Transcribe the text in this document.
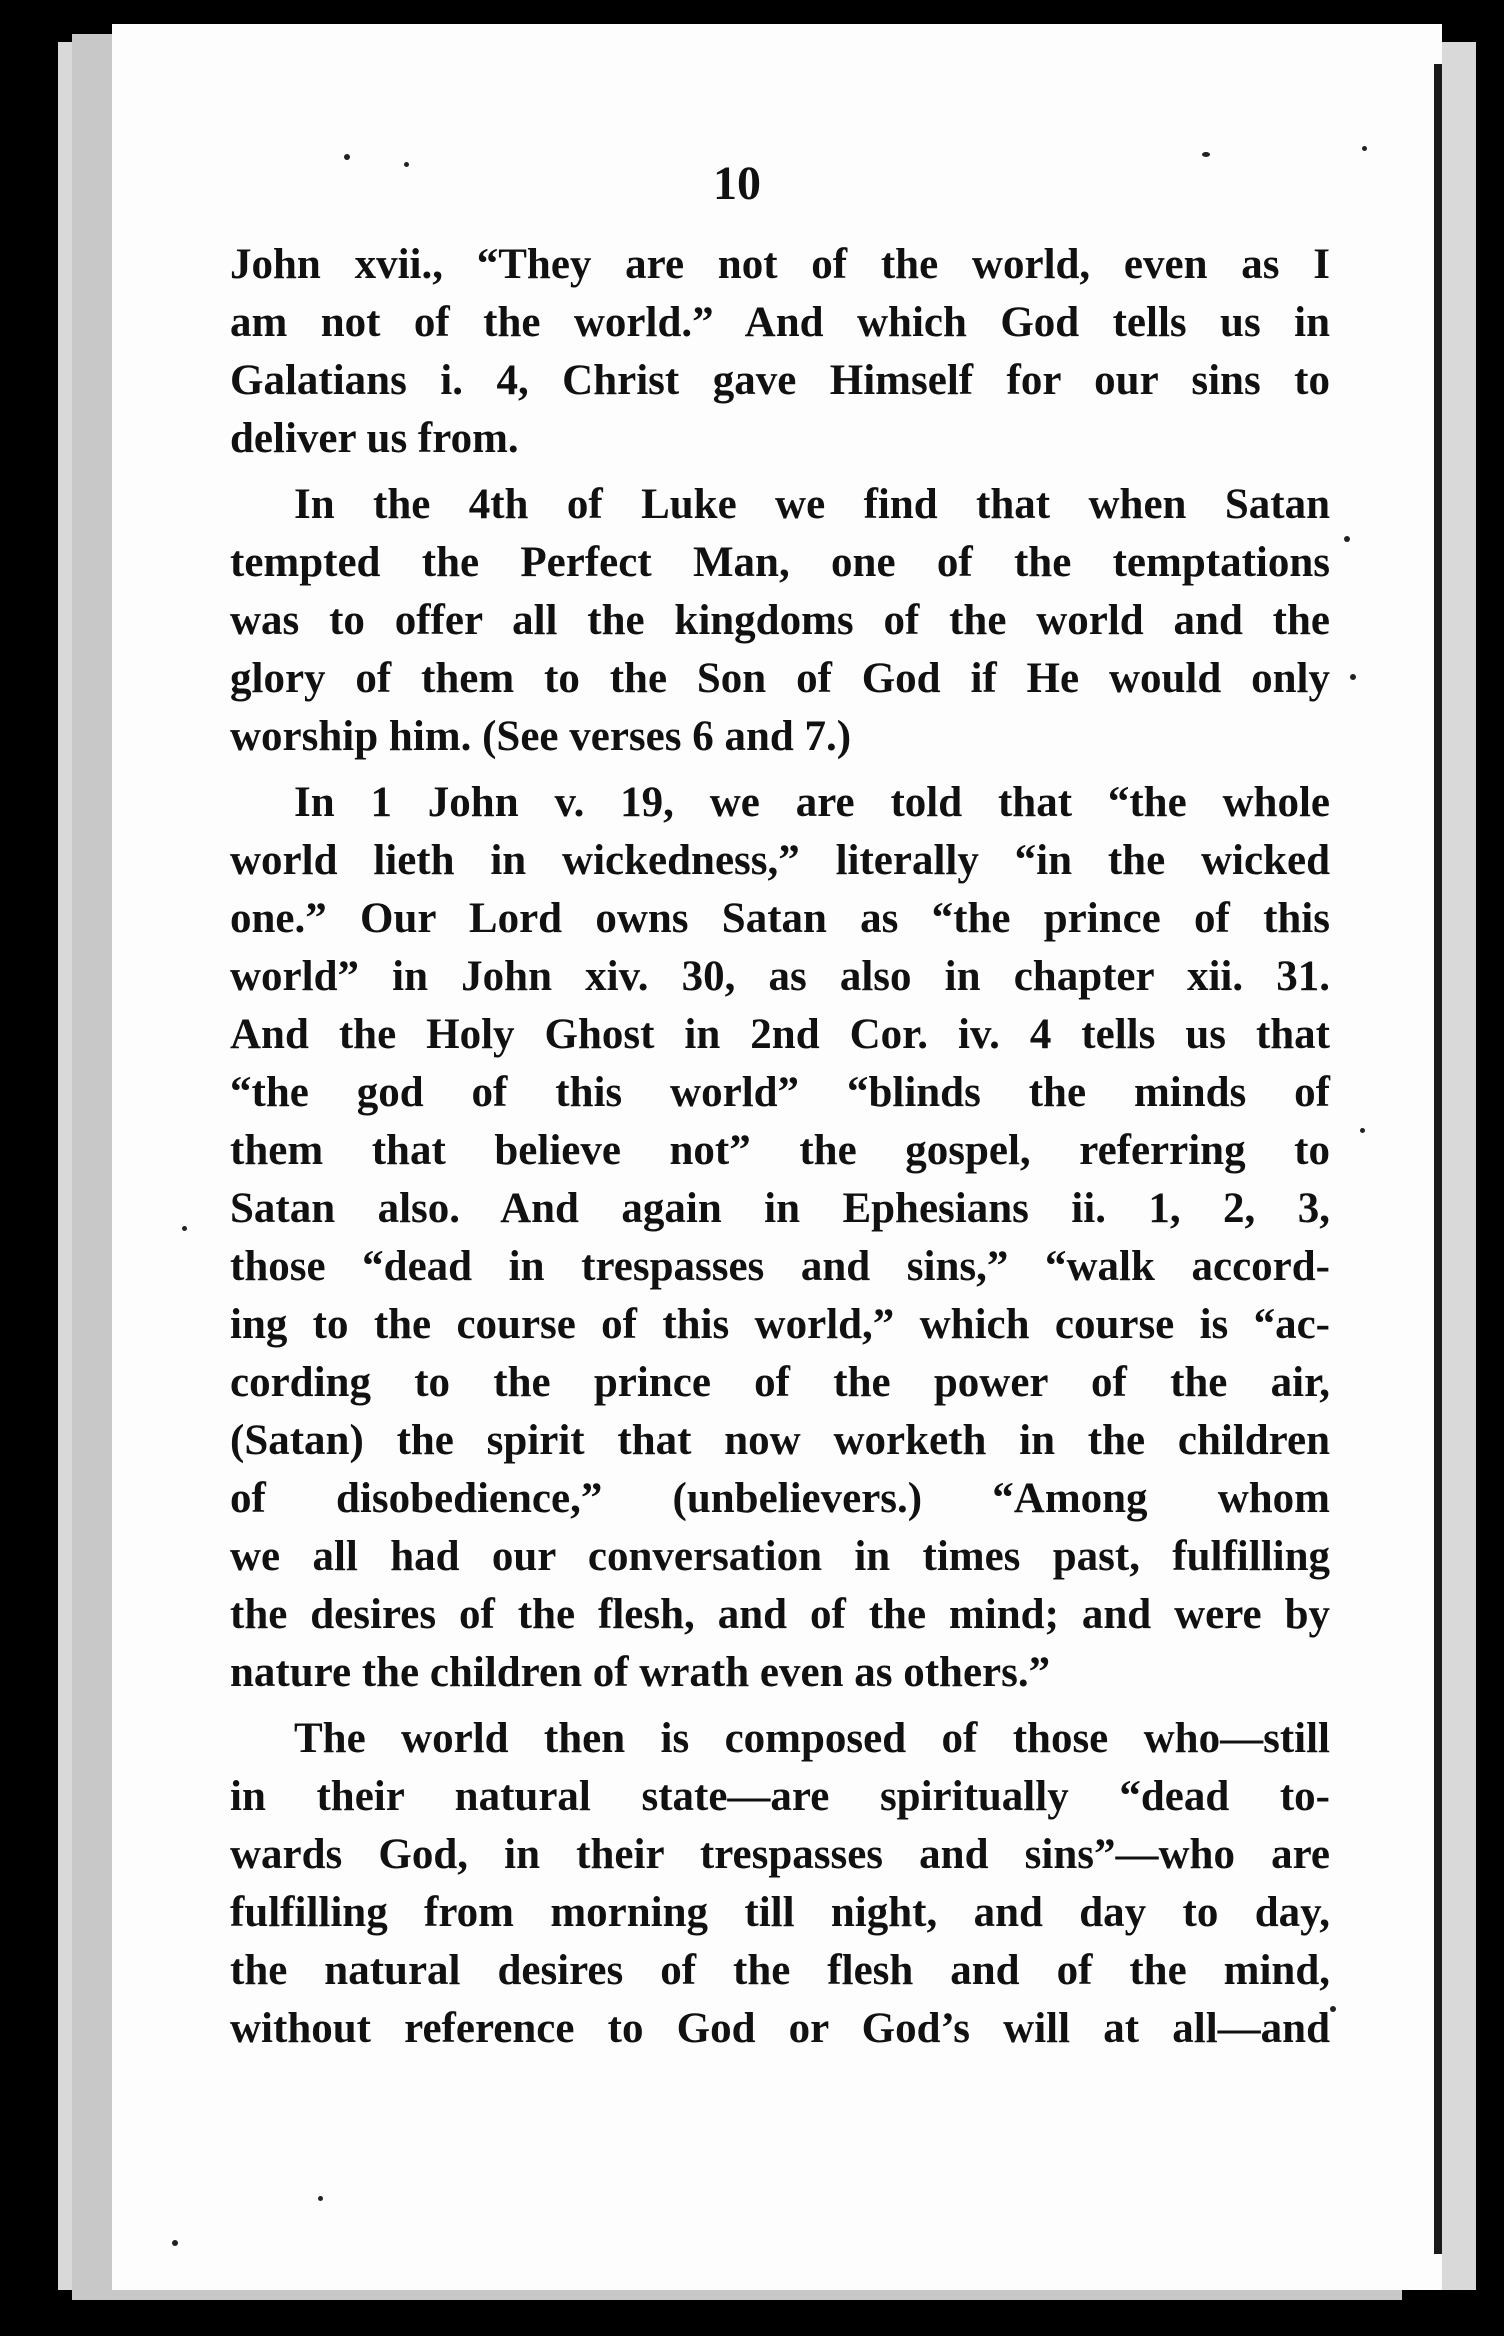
10
John xvii., “They are not of the world, even as I
am not of the world.” And which God tells us in
Galatians i. 4, Christ gave Himself for our sins to
deliver us from.
In the 4th of Luke we find that when Satan
tempted the Perfect Man, one of the temptations
was to offer all the kingdoms of the world and the
glory of them to the Son of God if He would only
worship him. (See verses 6 and 7.)
In 1 John v. 19, we are told that “the whole
world lieth in wickedness,” literally “in the wicked
one.” Our Lord owns Satan as “the prince of this
world” in John xiv. 30, as also in chapter xii. 31.
And the Holy Ghost in 2nd Cor. iv. 4 tells us that
“the god of this world” “blinds the minds of
them that believe not” the gospel, referring to
Satan also. And again in Ephesians ii. 1, 2, 3,
those “dead in trespasses and sins,” “walk accord-
ing to the course of this world,” which course is “ac-
cording to the prince of the power of the air,
(Satan) the spirit that now worketh in the children
of disobedience,” (unbelievers.) “Among whom
we all had our conversation in times past, fulfilling
the desires of the flesh, and of the mind; and were by
nature the children of wrath even as others.”
The world then is composed of those who—still
in their natural state—are spiritually “dead to-
wards God, in their trespasses and sins”—who are
fulfilling from morning till night, and day to day,
the natural desires of the flesh and of the mind,
without reference to God or God’s will at all—and
